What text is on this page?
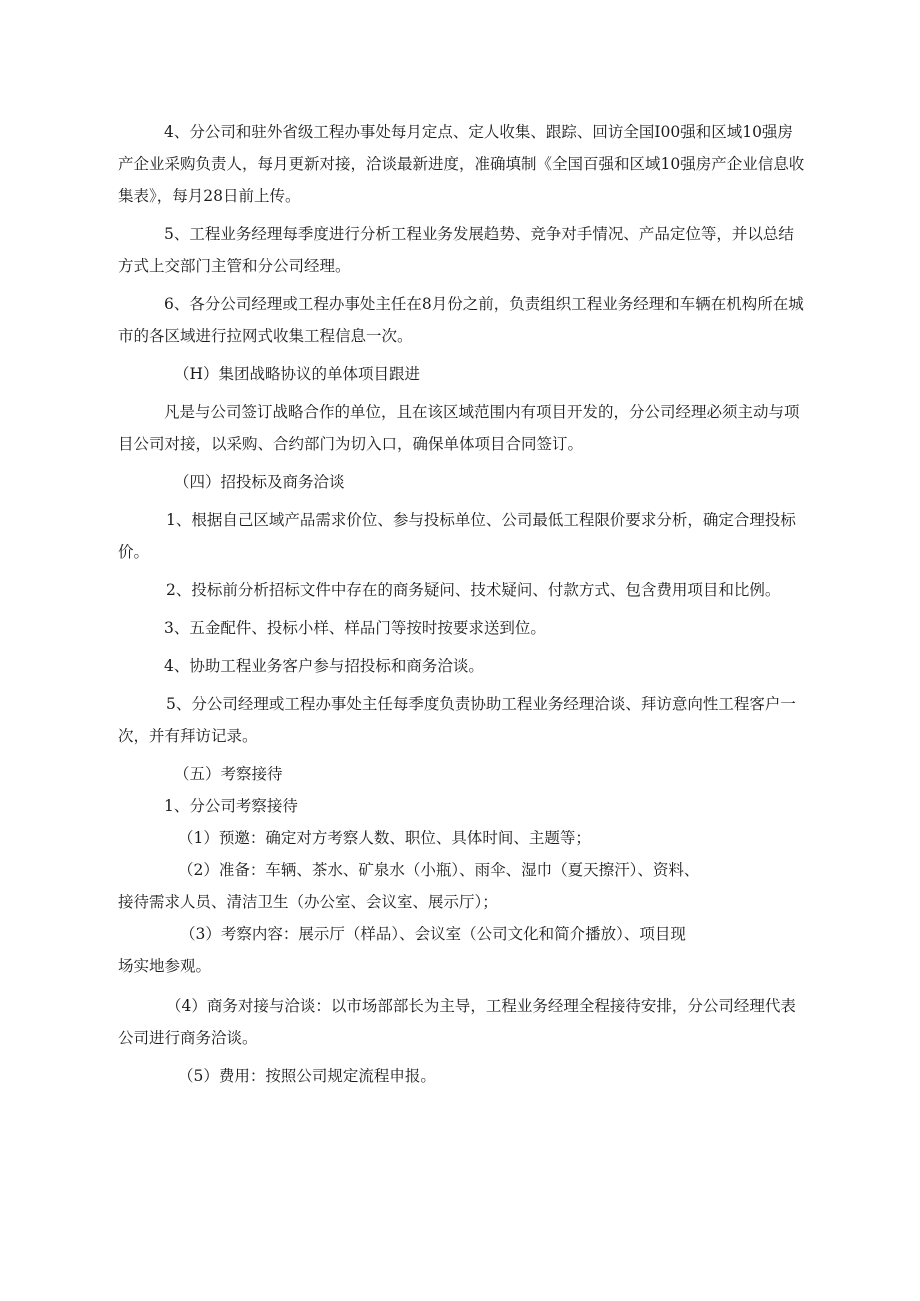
4、分公司和驻外省级工程办事处每月定点、定人收集、跟踪、回访全国I00强和区域10强房产企业采购负责人，每月更新对接，洽谈最新进度，准确填制《全国百强和区域10强房产企业信息收集表》，每月28日前上传。

5、工程业务经理每季度进行分析工程业务发展趋势、竞争对手情况、产品定位等，并以总结方式上交部门主管和分公司经理。

6、各分公司经理或工程办事处主任在8月份之前，负责组织工程业务经理和车辆在机构所在城市的各区域进行拉网式收集工程信息一次。

（H）集团战略协议的单体项目跟进

凡是与公司签订战略合作的单位，且在该区域范围内有项目开发的，分公司经理必须主动与项目公司对接，以采购、合约部门为切入口，确保单体项目合同签订。

（四）招投标及商务洽谈

1、根据自己区域产品需求价位、参与投标单位、公司最低工程限价要求分析，确定合理投标价。

2、投标前分析招标文件中存在的商务疑问、技术疑问、付款方式、包含费用项目和比例。

3、五金配件、投标小样、样品门等按时按要求送到位。

4、协助工程业务客户参与招投标和商务洽谈。

5、分公司经理或工程办事处主任每季度负责协助工程业务经理洽谈、拜访意向性工程客户一次，并有拜访记录。

（五）考察接待

1、分公司考察接待

（1）预邀：确定对方考察人数、职位、具体时间、主题等；

（2）准备：车辆、茶水、矿泉水（小瓶）、雨伞、湿巾（夏天擦汗）、资料、

接待需求人员、清洁卫生（办公室、会议室、展示厅）；

（3）考察内容：展示厅（样品）、会议室（公司文化和简介播放）、项目现

场实地参观。

（4）商务对接与洽谈：以市场部部长为主导，工程业务经理全程接待安排，分公司经理代表公司进行商务洽谈。

（5）费用：按照公司规定流程申报。
